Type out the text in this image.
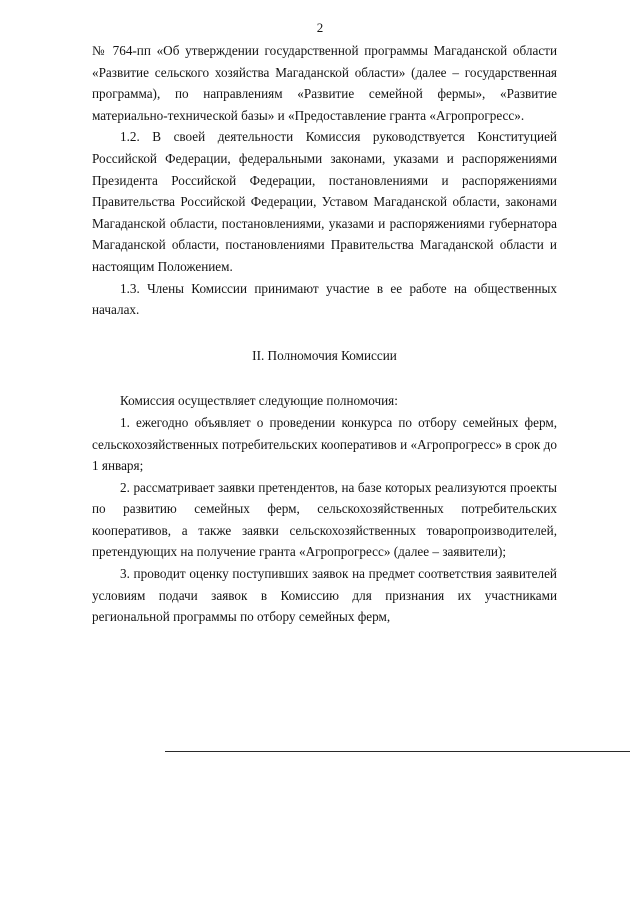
2

№ 764-пп «Об утверждении государственной программы Магаданской области «Развитие сельского хозяйства Магаданской области» (далее – государственная программа), по направлениям «Развитие семейной фермы», «Развитие материально-технической базы» и «Предоставление гранта «Агропрогресс».

1.2. В своей деятельности Комиссия руководствуется Конституцией Российской Федерации, федеральными законами, указами и распоряжениями Президента Российской Федерации, постановлениями и распоряжениями Правительства Российской Федерации, Уставом Магаданской области, законами Магаданской области, постановлениями, указами и распоряжениями губернатора Магаданской области, постановлениями Правительства Магаданской области и настоящим Положением.

1.3. Члены Комиссии принимают участие в ее работе на общественных началах.

II. Полномочия Комиссии

Комиссия осуществляет следующие полномочия:

1. ежегодно объявляет о проведении конкурса по отбору семейных ферм, сельскохозяйственных потребительских кооперативов и «Агропрогресс» в срок до 1 января;

2. рассматривает заявки претендентов, на базе которых реализуются проекты по развитию семейных ферм, сельскохозяйственных потребительских кооперативов, а также заявки сельскохозяйственных товаропроизводителей, претендующих на получение гранта «Агропрогресс» (далее – заявители);

3. проводит оценку поступивших заявок на предмет соответствия заявителей условиям подачи заявок в Комиссию для признания их участниками региональной программы по отбору семейных ферм,
